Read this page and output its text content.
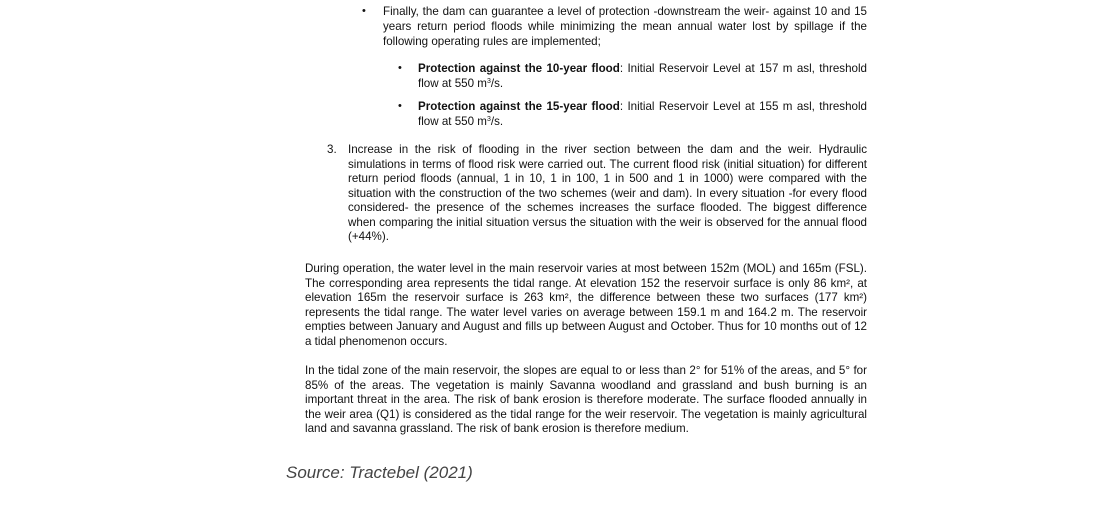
• Finally, the dam can guarantee a level of protection -downstream the weir- against 10 and 15 years return period floods while minimizing the mean annual water lost by spillage if the following operating rules are implemented;
• Protection against the 10-year flood: Initial Reservoir Level at 157 m asl, threshold flow at 550 $m^3/s$.
• Protection against the 15-year flood: Initial Reservoir Level at 155 m asl, threshold flow at 550 $m^3/s$.
3. Increase in the risk of flooding in the river section between the dam and the weir. Hydraulic simulations in terms of flood risk were carried out. The current flood risk (initial situation) for different return period floods (annual, 1 in 10, 1 in 100, 1 in 500 and 1 in 1000) were compared with the situation with the construction of the two schemes (weir and dam). In every situation -for every flood considered- the presence of the schemes increases the surface flooded. The biggest difference when comparing the initial situation versus the situation with the weir is observed for the annual flood (+44%).

During operation, the water level in the main reservoir varies at most between 152m (MOL) and 165m (FSL). The corresponding area represents the tidal range. At elevation 152 the reservoir surface is only 86 km², at elevation 165m the reservoir surface is 263 km², the difference between these two surfaces (177 km²) represents the tidal range. The water level varies on average between 159.1 m and 164.2 m. The reservoir empties between January and August and fills up between August and October. Thus for 10 months out of 12 a tidal phenomenon occurs.

In the tidal zone of the main reservoir, the slopes are equal to or less than 2° for 51% of the areas, and 5° for 85% of the areas. The vegetation is mainly Savanna woodland and grassland and bush burning is an important threat in the area. The risk of bank erosion is therefore moderate. The surface flooded annually in the weir area (Q1) is considered as the tidal range for the weir reservoir. The vegetation is mainly agricultural land and savanna grassland. The risk of bank erosion is therefore medium.

Source: Tractebel (2021)
